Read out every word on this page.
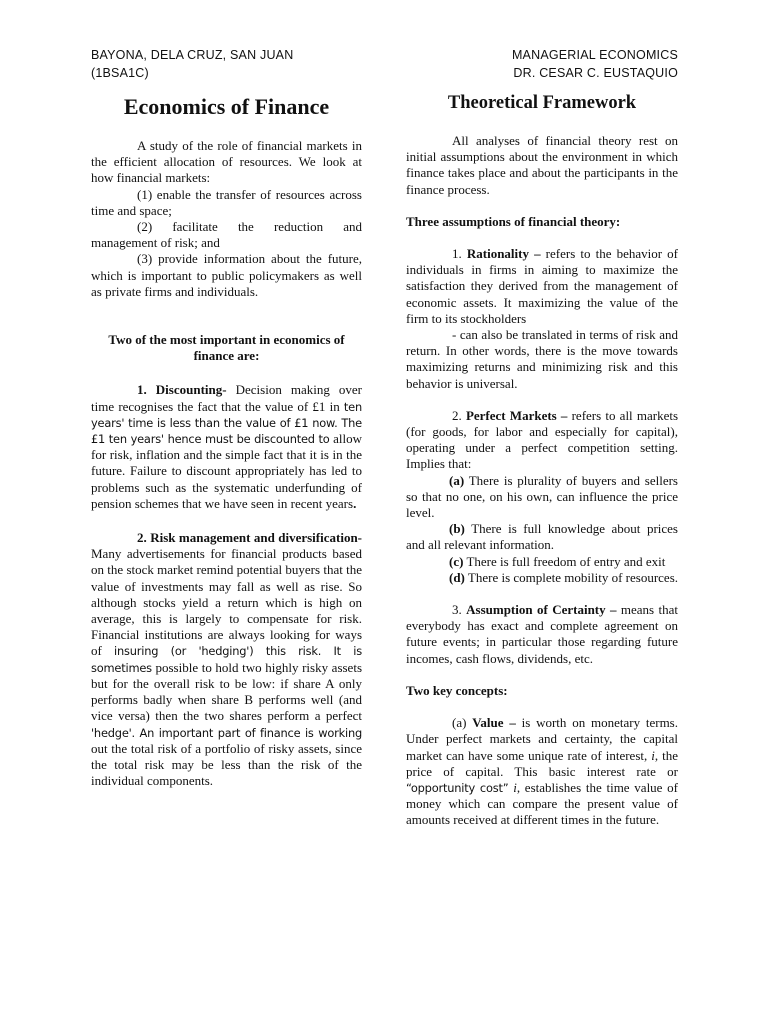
BAYONA, DELA CRUZ, SAN JUAN
(1BSA1C)
MANAGERIAL ECONOMICS
DR. CESAR C. EUSTAQUIO
Economics of Finance

A study of the role of financial markets in the efficient allocation of resources. We look at how financial markets:

(1) enable the transfer of resources across time and space;

(2) facilitate the reduction and management of risk; and

(3) provide information about the future, which is important to public policymakers as well as private firms and individuals.

Two of the most important in economics of finance are:

1. Discounting- Decision making over time recognises the fact that the value of £1 in ten years' time is less than the value of £1 now. The £1 ten years' hence must be discounted to allow for risk, inflation and the simple fact that it is in the future. Failure to discount appropriately has led to problems such as the systematic underfunding of pension schemes that we have seen in recent years.

2. Risk management and diversification- Many advertisements for financial products based on the stock market remind potential buyers that the value of investments may fall as well as rise. So although stocks yield a return which is high on average, this is largely to compensate for risk. Financial institutions are always looking for ways of insuring (or 'hedging') this risk. It is sometimes possible to hold two highly risky assets but for the overall risk to be low: if share A only performs badly when share B performs well (and vice versa) then the two shares perform a perfect 'hedge'. An important part of finance is working out the total risk of a portfolio of risky assets, since the total risk may be less than the risk of the individual components.

Theoretical Framework

All analyses of financial theory rest on initial assumptions about the environment in which finance takes place and about the participants in the finance process.

Three assumptions of financial theory:

1. Rationality – refers to the behavior of individuals in firms in aiming to maximize the satisfaction they derived from the management of economic assets. It maximizing the value of the firm to its stockholders

- can also be translated in terms of risk and return. In other words, there is the move towards maximizing returns and minimizing risk and this behavior is universal.

2. Perfect Markets – refers to all markets (for goods, for labor and especially for capital), operating under a perfect competition setting. Implies that:

(a) There is plurality of buyers and sellers so that no one, on his own, can influence the price level.

(b) There is full knowledge about prices and all relevant information.

(c) There is full freedom of entry and exit

(d) There is complete mobility of resources.

3. Assumption of Certainty – means that everybody has exact and complete agreement on future events; in particular those regarding future incomes, cash flows, dividends, etc.

Two key concepts:

(a) Value – is worth on monetary terms. Under perfect markets and certainty, the capital market can have some unique rate of interest, i, the price of capital. This basic interest rate or “opportunity cost” i, establishes the time value of money which can compare the present value of amounts received at different times in the future.
